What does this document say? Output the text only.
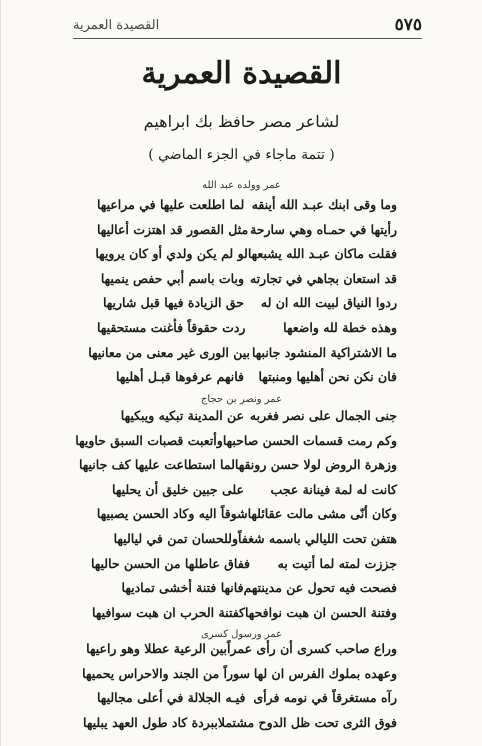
٥٧٥
القصيدة العمرية
القصيدة العمرية
لشاعر مصر حافظ بك ابراهيم
( تتمة ماجاء في الجزء الماضي )
عمر وولده عبد الله
وما وقى ابنك عبـد الله أينقه
لما اطلعت عليها في مراعيها
رأيتها في حمـاه وهي سارحة
مثل القصور قد اهتزت أعاليها
فقلت ماكان عبـد الله يشبعها
لو لم يكن ولدي أو كان يرويها
قد استعان بجاهي في تجارته
وبات باسم أبي حفص ينميها
ردوا النياق لبيت الله ان له
حق الزيادة فيها قبل شاريها
وهذه خطة لله واضعها
ردت حقوقاً فأغنت مستحقيها
ما الاشتراكية المنشود جانبها
بين الورى غير معنى من معانيها
فان نكن نحن أهليها ومنبتها
فانهم عرفوها قبـل أهليها
عمر ونصر بن حجاج
جنى الجمال على نصر فغربه
عن المدينة تبكيه ويبكيها
وكم رمت قسمات الحسن صاحبها
وأتعبت قصبات السبق حاويها
وزهرة الروض لولا حسن رونقها
لما استطاعت عليها كف جانيها
كانت له لمة فينانة عجب
على جبين خليق أن يحليها
وكان أنّى مشى مالت عقائلها
شوقاً اليه وكاد الحسن يصبيها
هتفن تحت الليالي باسمه شغفاً
وللحسان تمن في لياليها
جززت لمته لما أتيت به
ففاق عاطلها من الحسن حاليها
فصحت فيه تحول عن مدينتهم
فانها فتنة أخشى تماديها
وفتنة الحسن ان هبت نوافحها
كفتنة الحرب ان هبت سوافيها
عمر ورسول كسرى
وراع صاحب كسرى أن رأى عمراً
بين الرعية عطلا وهو راعيها
وعهده بملوك الفرس ان لها
سوراً من الجند والاحراس يحميها
رآه مستغرقاً في نومه فرأى
فيـه الجلالة في أعلى مجاليها
فوق الثرى تحت ظل الدوح مشتملا
ببردة كاد طول العهد يبليها
